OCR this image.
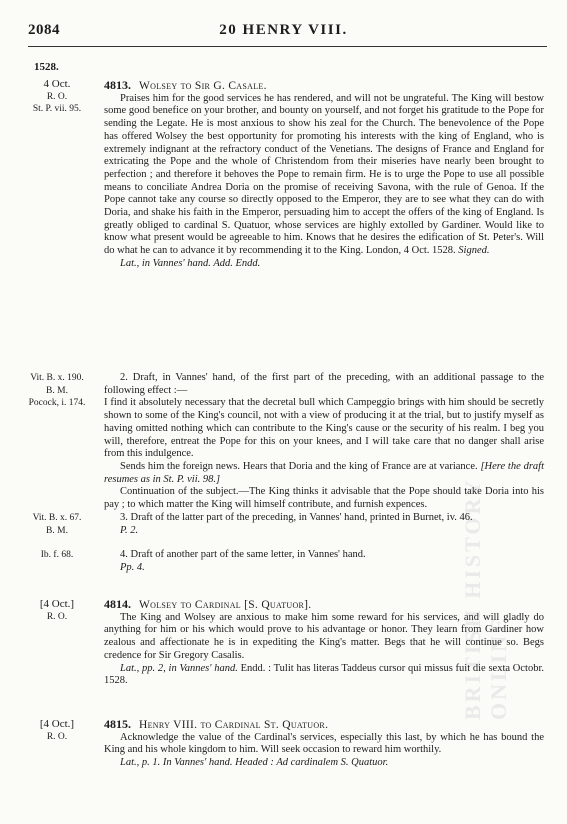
2084	20 HENRY VIII.
1528.
4 Oct.
R. O.
St. P. vii. 95.

4813. Wolsey to Sir G. Casale.

Praises him for the good services he has rendered, and will not be ungrateful. The King will bestow some good benefice on your brother, and bounty on yourself, and not forget his gratitude to the Pope for sending the Legate. He is most anxious to show his zeal for the Church. The benevolence of the Pope has offered Wolsey the best opportunity for promoting his interests with the king of England, who is extremely indignant at the refractory conduct of the Venetians. The designs of France and England for extricating the Pope and the whole of Christendom from their miseries have nearly been brought to perfection ; and therefore it behoves the Pope to remain firm. He is to urge the Pope to use all possible means to conciliate Andrea Doria on the promise of receiving Savona, with the rule of Genoa. If the Pope cannot take any course so directly opposed to the Emperor, they are to see what they can do with Doria, and shake his faith in the Emperor, persuading him to accept the offers of the king of England. Is greatly obliged to cardinal S. Quatuor, whose services are highly extolled by Gardiner. Would like to know what present would be agreeable to him. Knows that he desires the edification of St. Peter's. Will do what he can to advance it by recommending it to the King. London, 4 Oct. 1528. Signed.

Lat., in Vannes' hand. Add. Endd.

Vit. B. x. 190.
B. M.
Pocock, i. 174.

2. Draft, in Vannes' hand, of the first part of the preceding, with an additional passage to the following effect :—

I find it absolutely necessary that the decretal bull which Campeggio brings with him should be secretly shown to some of the King's council, not with a view of producing it at the trial, but to justify myself as having omitted nothing which can contribute to the King's cause or the security of his realm. I beg you will, therefore, entreat the Pope for this on your knees, and I will take care that no danger shall arise from this indulgence.

Sends him the foreign news. Hears that Doria and the king of France are at variance. [Here the draft resumes as in St. P. vii. 98.]

Continuation of the subject.—The King thinks it advisable that the Pope should take Doria into his pay ; to which matter the King will himself contribute, and furnish expences.

Vit. B. x. 67.
B. M.

3. Draft of the latter part of the preceding, in Vannes' hand, printed in Burnet, iv. 46.

P. 2.

Ib. f. 68.	4. Draft of another part of the same letter, in Vannes' hand.

Pp. 4.

[4 Oct.]
R. O.

4814. Wolsey to Cardinal [S. Quatuor].

The King and Wolsey are anxious to make him some reward for his services, and will gladly do anything for him or his which would prove to his advantage or honor. They learn from Gardiner how zealous and affectionate he is in expediting the King's matter. Begs that he will continue so. Begs credence for Sir Gregory Casalis.

Lat., pp. 2, in Vannes' hand. Endd. : Tulit has literas Taddeus cursor qui missus fuit die sexta Octobr. 1528.

[4 Oct.]
R. O.

4815. Henry VIII. to Cardinal St. Quatuor.

Acknowledge the value of the Cardinal's services, especially this last, by which he has bound the King and his whole kingdom to him. Will seek occasion to reward him worthily.

Lat., p. 1. In Vannes' hand. Headed : Ad cardinalem S. Quatuor.

BRITISH HISTORY ONLINE
